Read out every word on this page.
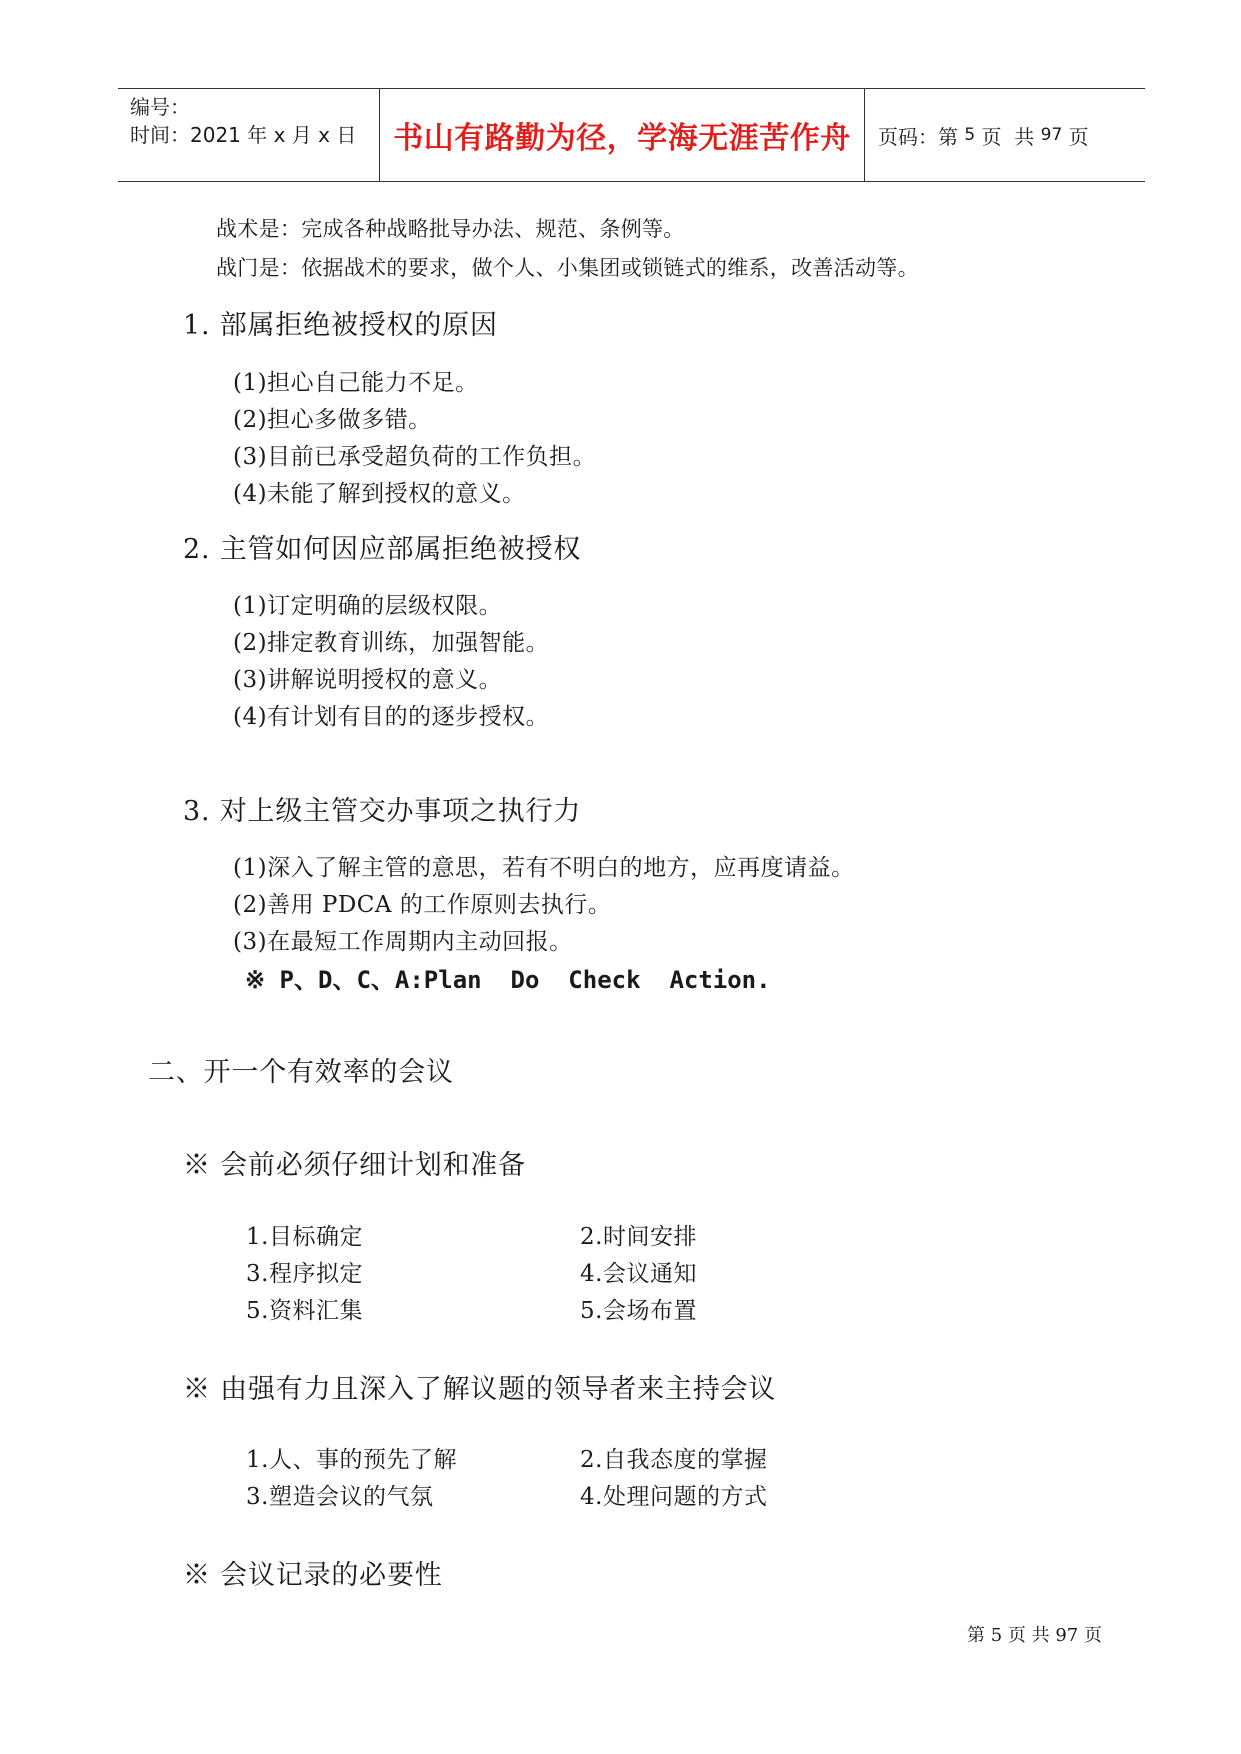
编号：
时间：2021 年 x 月 x 日	书山有路勤为径，学海无涯苦作舟	页码：第 5 页  共 97 页
战术是：完成各种战略批导办法、规范、条例等。
战门是：依据战术的要求，做个人、小集团或锁链式的维系，改善活动等。
1. 部属拒绝被授权的原因
(1)担心自己能力不足。
(2)担心多做多错。
(3)目前已承受超负荷的工作负担。
(4)未能了解到授权的意义。
2. 主管如何因应部属拒绝被授权
(1)订定明确的层级权限。
(2)排定教育训练，加强智能。
(3)讲解说明授权的意义。
(4)有计划有目的的逐步授权。
3. 对上级主管交办事项之执行力
(1)深入了解主管的意思，若有不明白的地方，应再度请益。
(2)善用 PDCA 的工作原则去执行。
(3)在最短工作周期内主动回报。
※ P、D、C、A:Plan  Do  Check  Action.
二、开一个有效率的会议
※ 会前必须仔细计划和准备
1.目标确定	2.时间安排
3.程序拟定	4.会议通知
5.资料汇集	5.会场布置
※ 由强有力且深入了解议题的领导者来主持会议
1.人、事的预先了解	2.自我态度的掌握
3.塑造会议的气氛	4.处理问题的方式
※ 会议记录的必要性
第 5 页 共 97 页
